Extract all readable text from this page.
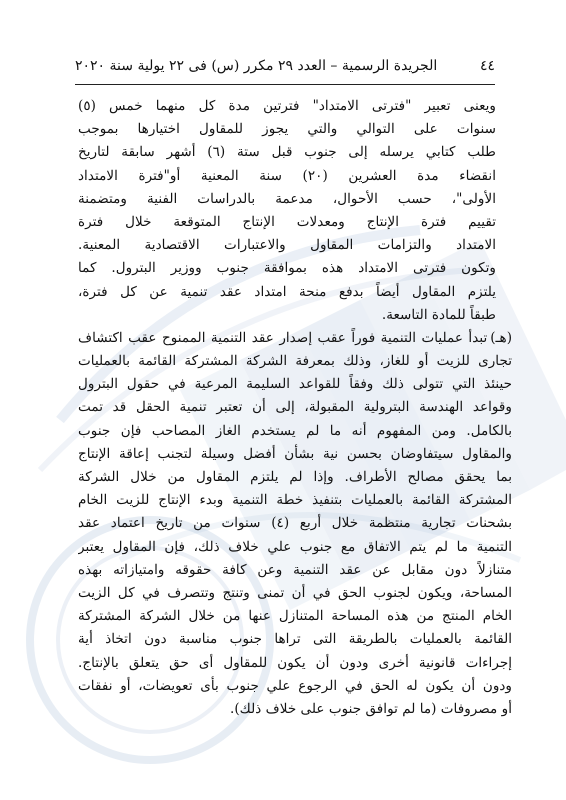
٤٤
الجريدة الرسمية – العدد ٢٩ مكرر (س) فى ٢٢ يولية سنة ٢٠٢٠
ويعنى تعبير "فترتى الامتداد" فترتين مدة كل منهما خمس (٥)
سنوات على التوالي والتي يجوز للمقاول اختيارها بموجب
طلب كتابي يرسله إلى جنوب قبل ستة (٦) أشهر سابقة لتاريخ
انقضاء مدة العشرين (٢٠) سنة المعنية أو"فترة الامتداد
الأولى"، حسب الأحوال، مدعمة بالدراسات الفنية ومتضمنة
تقييم فترة الإنتاج ومعدلات الإنتاج المتوقعة خلال فترة
الامتداد والتزامات المقاول والاعتبارات الاقتصادية المعنية.
وتكون فترتى الامتداد هذه بموافقة جنوب ووزير البترول. كما
يلتزم المقاول أيضاً بدفع منحة امتداد عقد تنمية عن كل فترة،
طبقاً للمادة التاسعة.
(هـ)
تبدأ عمليات التنمية فوراً عقب إصدار عقد التنمية الممنوح عقب اكتشاف
تجارى للزيت أو للغاز، وذلك بمعرفة الشركة المشتركة القائمة بالعمليات
حينئذ التي تتولى ذلك وفقاً للقواعد السليمة المرعية في حقول البترول
وقواعد الهندسة البترولية المقبولة، إلى أن تعتبر تنمية الحقل قد تمت
بالكامل. ومن المفهوم أنه ما لم يستخدم الغاز المصاحب فإن جنوب
والمقاول سيتفاوضان بحسن نية بشأن أفضل وسيلة لتجنب إعاقة الإنتاج
بما يحقق مصالح الأطراف. وإذا لم يلتزم المقاول من خلال الشركة
المشتركة القائمة بالعمليات بتنفيذ خطة التنمية وبدء الإنتاج للزيت الخام
بشحنات تجارية منتظمة خلال أربع (٤) سنوات من تاريخ اعتماد عقد
التنمية ما لم يتم الاتفاق مع جنوب علي خلاف ذلك، فإن المقاول يعتبر
متنازلاً دون مقابل عن عقد التنمية وعن كافة حقوقه وامتيازاته بهذه
المساحة، ويكون لجنوب الحق في أن تمنى وتنتج وتتصرف في كل الزيت
الخام المنتج من هذه المساحة المتنازل عنها من خلال الشركة المشتركة
القائمة بالعمليات بالطريقة التى تراها جنوب مناسبة دون اتخاذ أية
إجراءات قانونية أخرى ودون أن يكون للمقاول أى حق يتعلق بالإنتاج.
ودون أن يكون له الحق في الرجوع علي جنوب بأى تعويضات، أو نفقات
أو مصروفات (ما لم توافق جنوب على خلاف ذلك).
